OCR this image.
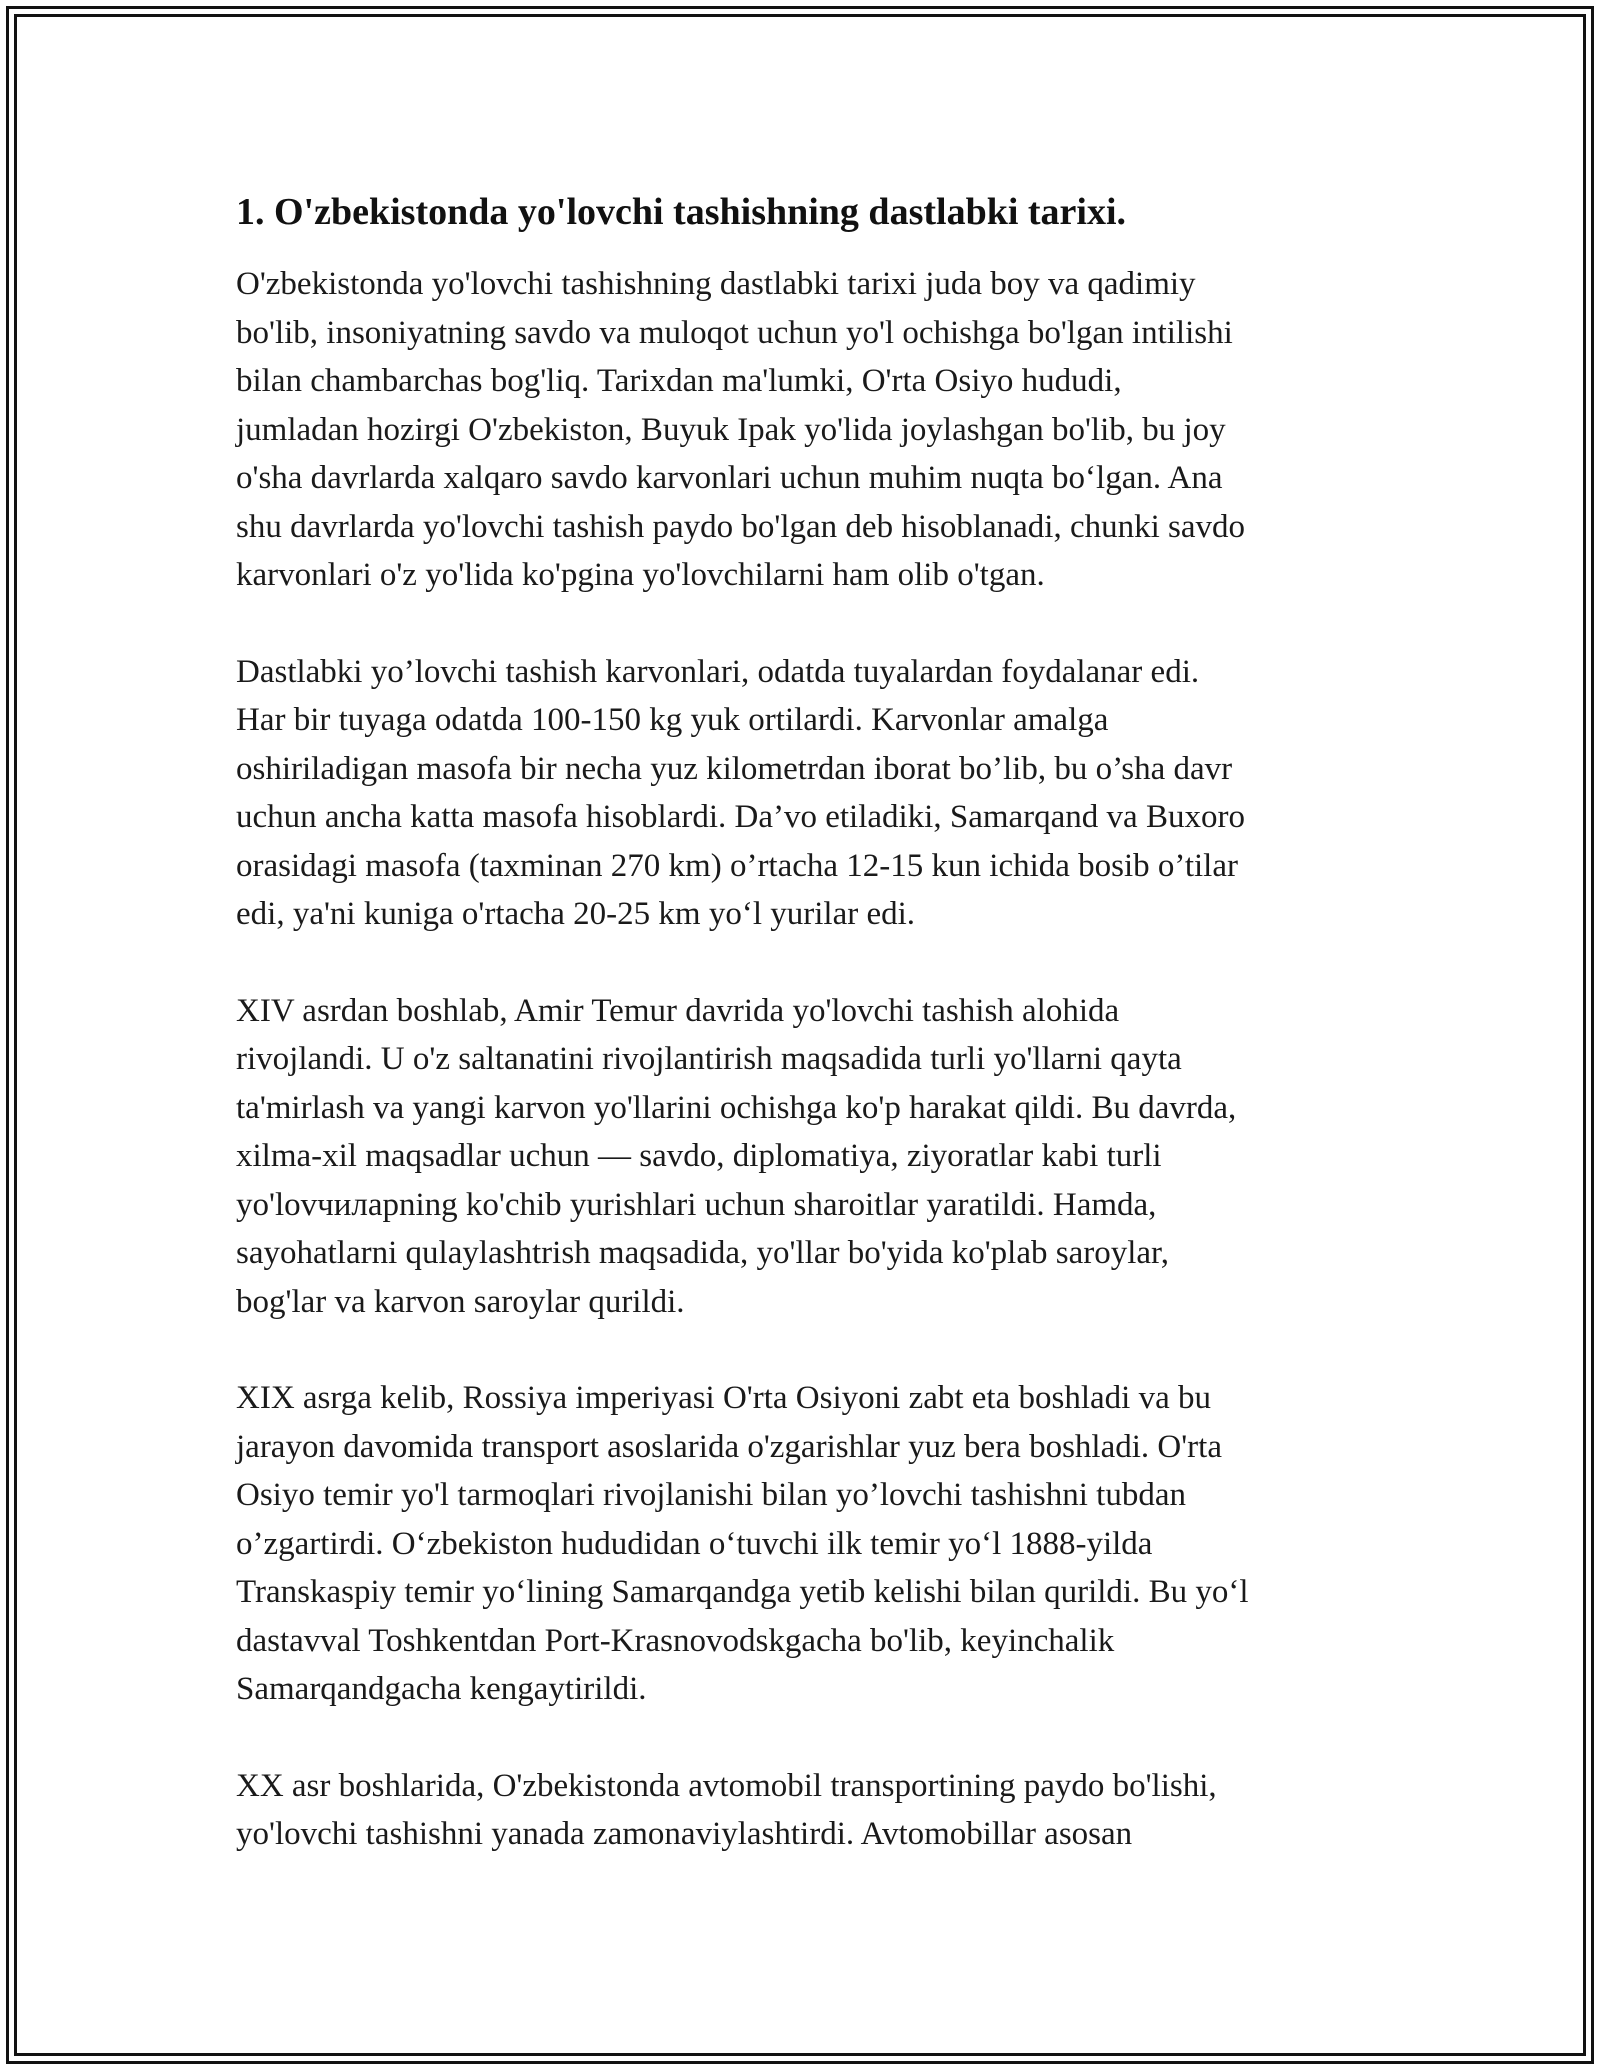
1. O'zbekistonda yo'lovchi tashishning dastlabki tarixi.

O'zbekistonda yo'lovchi tashishning dastlabki tarixi juda boy va qadimiy
bo'lib, insoniyatning savdo va muloqot uchun yo'l ochishga bo'lgan intilishi
bilan chambarchas bog'liq. Tarixdan ma'lumki, O'rta Osiyo hududi,
jumladan hozirgi O'zbekiston, Buyuk Ipak yo'lida joylashgan bo'lib, bu joy
o'sha davrlarda xalqaro savdo karvonlari uchun muhim nuqta bo‘lgan. Ana
shu davrlarda yo'lovchi tashish paydo bo'lgan deb hisoblanadi, chunki savdo
karvonlari o'z yo'lida ko'pgina yo'lovchilarni ham olib o'tgan.

Dastlabki yo’lovchi tashish karvonlari, odatda tuyalardan foydalanar edi.
Har bir tuyaga odatda 100-150 kg yuk ortilardi. Karvonlar amalga
oshiriladigan masofa bir necha yuz kilometrdan iborat bo’lib, bu o’sha davr
uchun ancha katta masofa hisoblardi. Da’vo etiladiki, Samarqand va Buxoro
orasidagi masofa (taxminan 270 km) o’rtacha 12-15 kun ichida bosib o’tilar
edi, ya'ni kuniga o'rtacha 20-25 km yo‘l yurilar edi.

XIV asrdan boshlab, Amir Temur davrida yo'lovchi tashish alohida
rivojlandi. U o'z saltanatini rivojlantirish maqsadida turli yo'llarni qayta
ta'mirlash va yangi karvon yo'llarini ochishga ko'p harakat qildi. Bu davrda,
xilma-xil maqsadlar uchun — savdo, diplomatiya, ziyoratlar kabi turli
yo'lovчиларning ko'chib yurishlari uchun sharoitlar yaratildi. Hamda,
sayohatlarni qulaylashtrish maqsadida, yo'llar bo'yida ko'plab saroylar,
bog'lar va karvon saroylar qurildi.

XIX asrga kelib, Rossiya imperiyasi O'rta Osiyoni zabt eta boshladi va bu
jarayon davomida transport asoslarida o'zgarishlar yuz bera boshladi. O'rta
Osiyo temir yo'l tarmoqlari rivojlanishi bilan yo’lovchi tashishni tubdan
o’zgartirdi. O‘zbekiston hududidan o‘tuvchi ilk temir yo‘l 1888-yilda
Transkaspiy temir yo‘lining Samarqandga yetib kelishi bilan qurildi. Bu yo‘l
dastavval Toshkentdan Port-Krasnovodskgacha bo'lib, keyinchalik
Samarqandgacha kengaytirildi.

XX asr boshlarida, O'zbekistonda avtomobil transportining paydo bo'lishi,
yo'lovchi tashishni yanada zamonaviylashtirdi. Avtomobillar asosan
